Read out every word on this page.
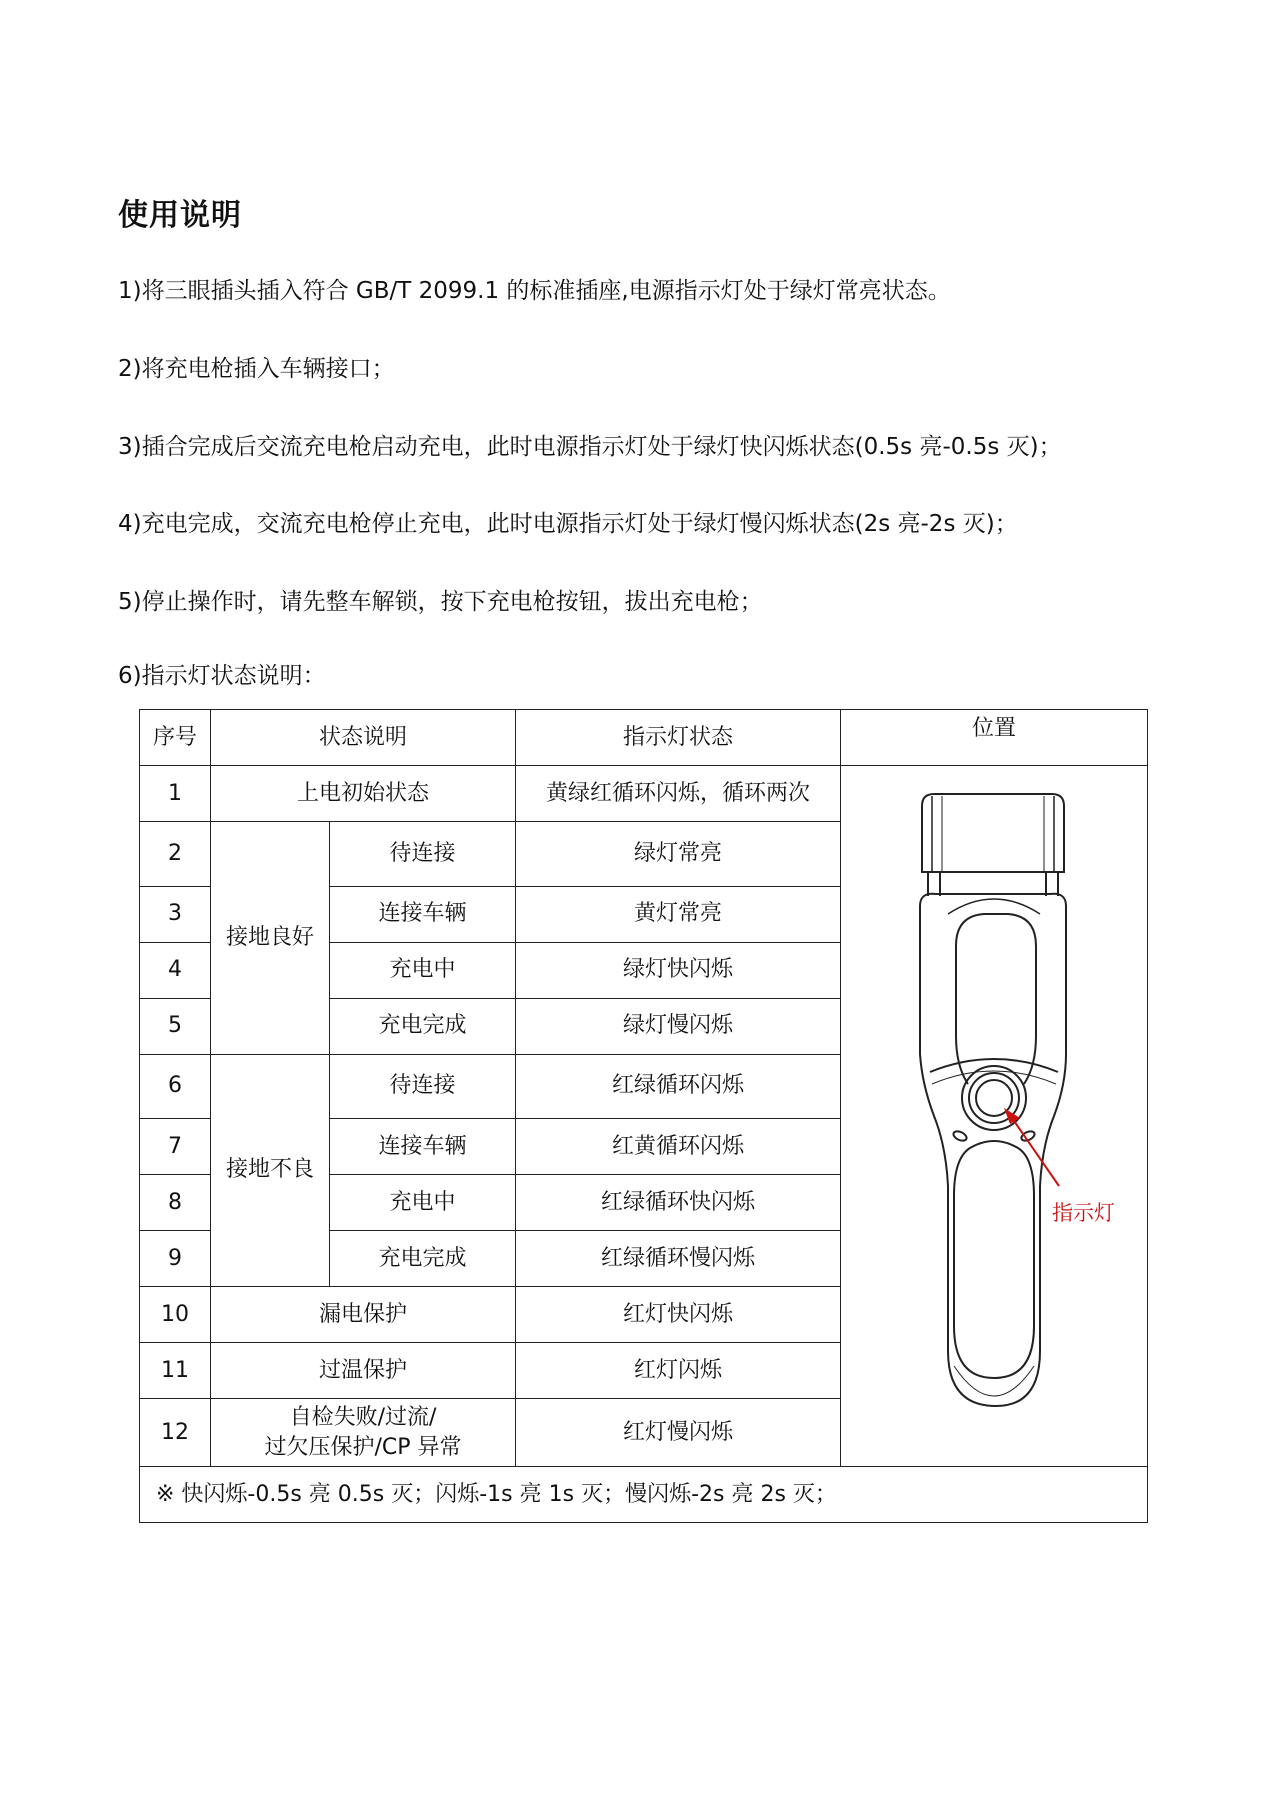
使用说明
1)将三眼插头插入符合 GB/T 2099.1 的标准插座,电源指示灯处于绿灯常亮状态。
2)将充电枪插入车辆接口；
3)插合完成后交流充电枪启动充电，此时电源指示灯处于绿灯快闪烁状态(0.5s 亮-0.5s 灭)；
4)充电完成，交流充电枪停止充电，此时电源指示灯处于绿灯慢闪烁状态(2s 亮-2s 灭)；
5)停止操作时，请先整车解锁，按下充电枪按钮，拔出充电枪；
6)指示灯状态说明：
序号	状态说明		指示灯状态	位置
1	上电初始状态		黄绿红循环闪烁，循环两次	指示灯

2	接地良好	待连接	绿灯常亮	
3		连接车辆	黄灯常亮	
4		充电中	绿灯快闪烁	
5		充电完成	绿灯慢闪烁	
6	接地不良	待连接	红绿循环闪烁	
7		连接车辆	红黄循环闪烁	
8		充电中	红绿循环快闪烁	
9		充电完成	红绿循环慢闪烁	
10	漏电保护		红灯快闪烁	
11	过温保护		红灯闪烁	
12	自检失败/过流/
过欠压保护/CP 异常		红灯慢闪烁	
※ 快闪烁-0.5s 亮 0.5s 灭；闪烁-1s 亮 1s 灭；慢闪烁-2s 亮 2s 灭；				
